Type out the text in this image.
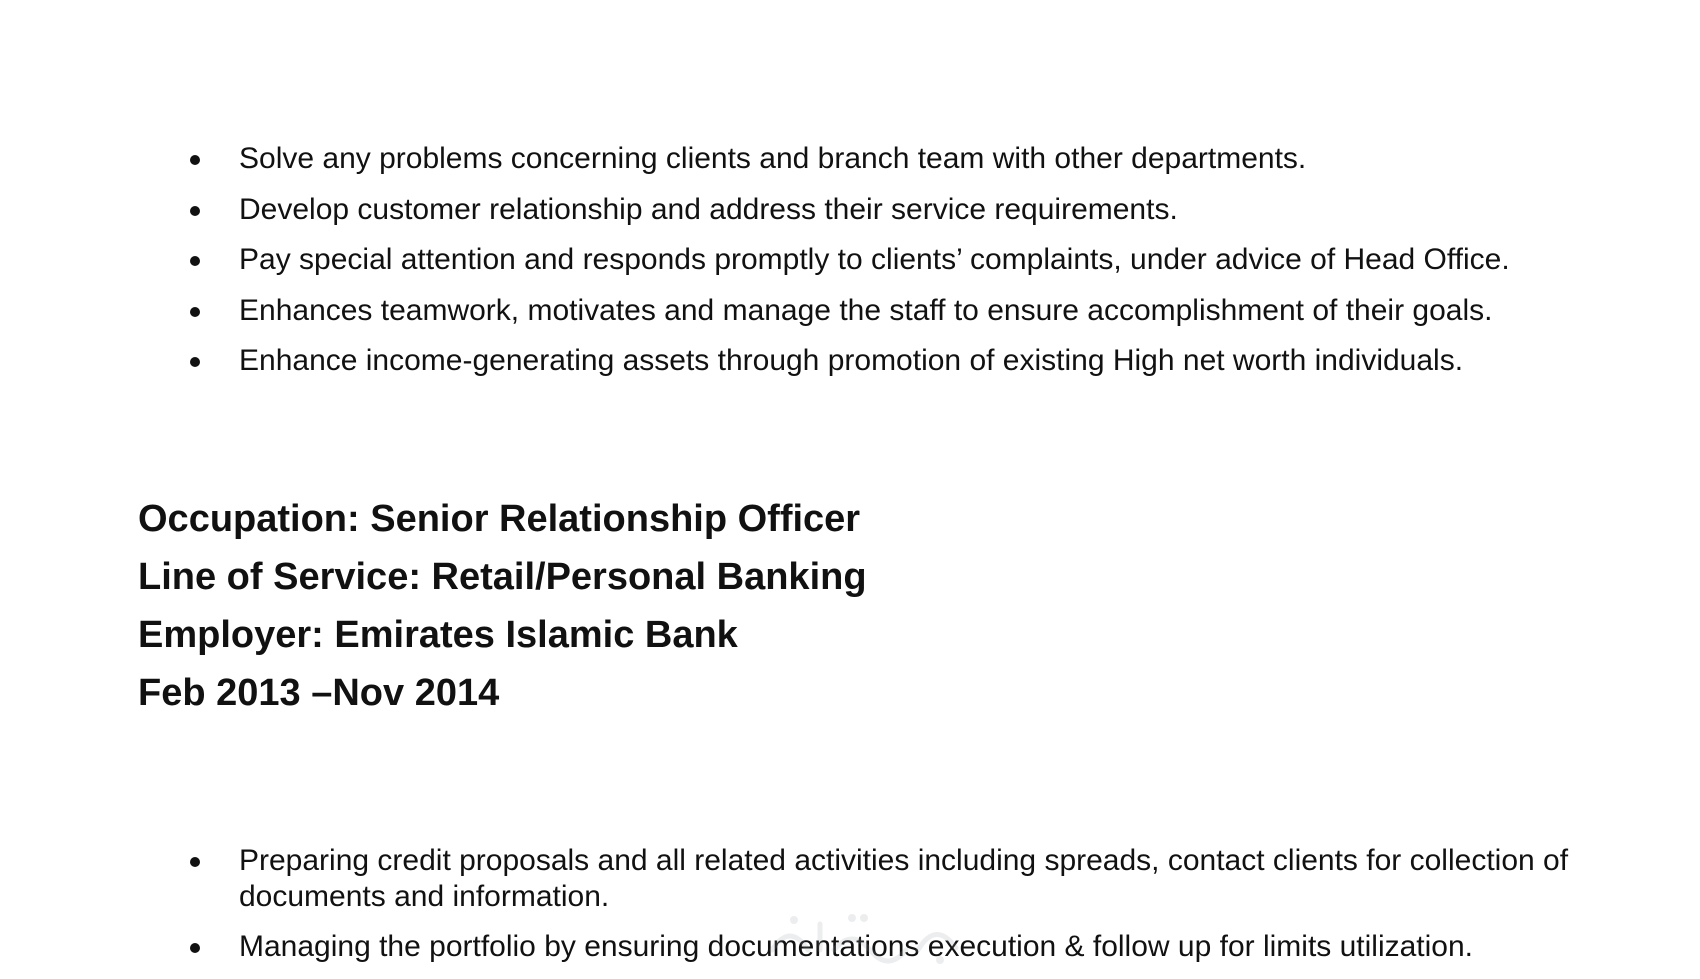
Solve any problems concerning clients and branch team with other departments.
Develop customer relationship and address their service requirements.
Pay special attention and responds promptly to clients’ complaints, under advice of Head Office.
Enhances teamwork, motivates and manage the staff to ensure accomplishment of their goals.
Enhance income-generating assets through promotion of existing High net worth individuals.
Occupation: Senior Relationship Officer
Line of Service: Retail/Personal Banking
Employer: Emirates Islamic Bank
Feb 2013 –Nov 2014
Preparing credit proposals and all related activities including spreads, contact clients for collection of documents and information.
Managing the portfolio by ensuring documentations execution & follow up for limits utilization.
